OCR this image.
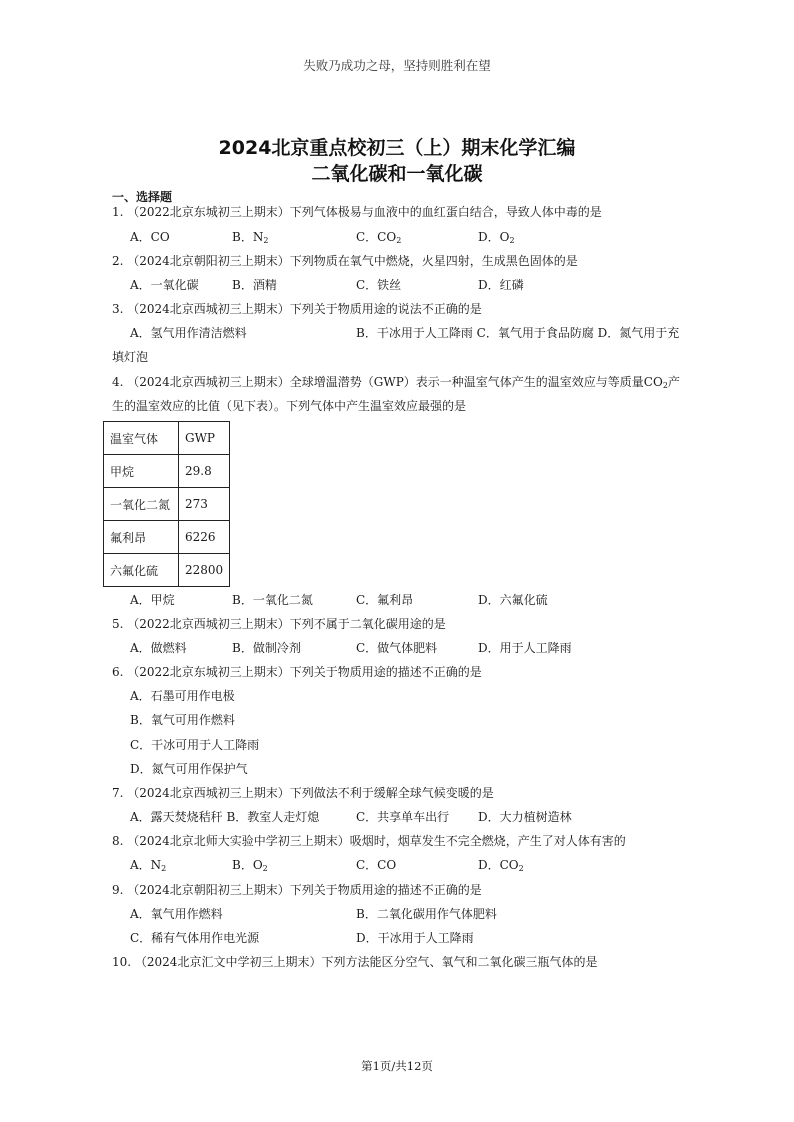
失败乃成功之母，坚持则胜利在望
2024北京重点校初三（上）期末化学汇编
二氧化碳和一氧化碳
一、选择题
1. （2022北京东城初三上期末）下列气体极易与血液中的血红蛋白结合，导致人体中毒的是
A．CO	B．$N_2$	C．$CO_2$	D．$O_2$
2. （2024北京朝阳初三上期末）下列物质在氧气中燃烧，火星四射，生成黑色固体的是
A．一氧化碳	B．酒精	C．铁丝	D．红磷
3. （2024北京西城初三上期末）下列关于物质用途的说法不正确的是
A．氢气用作清洁燃料	B．干冰用于人工降雨 C．氧气用于食品防腐 D．氮气用于充
填灯泡
4. （2024北京西城初三上期末）全球增温潜势（GWP）表示一种温室气体产生的温室效应与等质量$CO_2$产
生的温室效应的比值（见下表）。下列气体中产生温室效应最强的是
温室气体	GWP
甲烷	29.8
一氧化二氮	273
氟利昂	6226
六氟化硫	22800
A．甲烷	B．一氧化二氮	C．氟利昂	D．六氟化硫
5. （2022北京西城初三上期末）下列不属于二氧化碳用途的是
A．做燃料	B．做制冷剂	C．做气体肥料	D．用于人工降雨
6. （2022北京东城初三上期末）下列关于物质用途的描述不正确的是
A．石墨可用作电极
B．氧气可用作燃料
C．干冰可用于人工降雨
D．氮气可用作保护气
7. （2024北京西城初三上期末）下列做法不利于缓解全球气候变暖的是
A．露天焚烧秸秆 B．教室人走灯熄	C．共享单车出行 D．大力植树造林
8. （2024北京北师大实验中学初三上期末）吸烟时，烟草发生不完全燃烧，产生了对人体有害的
A．$N_2$	B．$O_2$	C．CO	D．$CO_2$
9. （2024北京朝阳初三上期末）下列关于物质用途的描述不正确的是
A．氧气用作燃料	B．二氧化碳用作气体肥料
C．稀有气体用作电光源	D．干冰用于人工降雨
10. （2024北京汇文中学初三上期末）下列方法能区分空气、氧气和二氧化碳三瓶气体的是
第1页/共12页
